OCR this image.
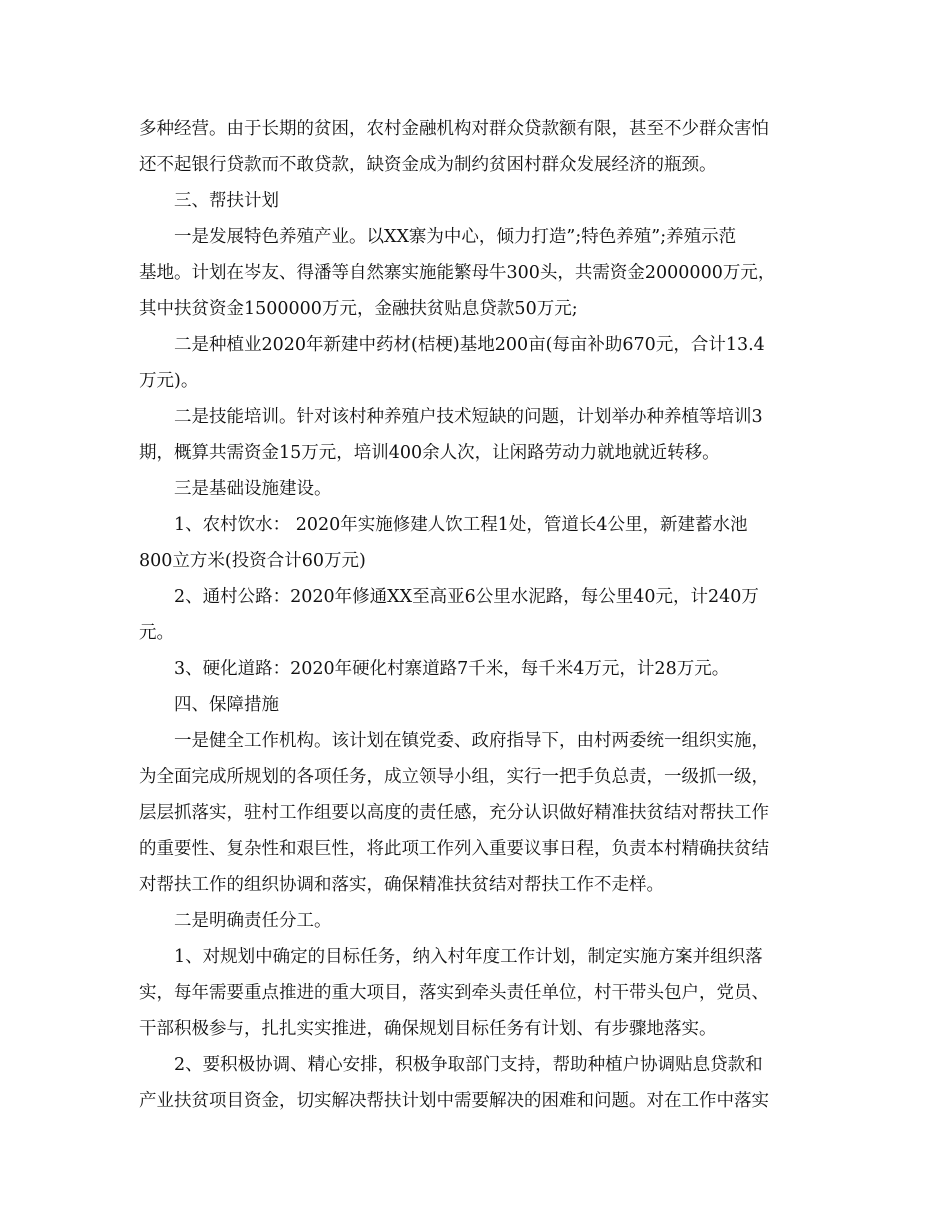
多种经营。由于长期的贫困，农村金融机构对群众贷款额有限，甚至不少群众害怕
还不起银行贷款而不敢贷款，缺资金成为制约贫困村群众发展经济的瓶颈。
三、帮扶计划
一是发展特色养殖产业。以XX寨为中心，倾力打造”;特色养殖”;养殖示范
基地。计划在岑友、得潘等自然寨实施能繁母牛300头，共需资金2000000万元，
其中扶贫资金1500000万元，金融扶贫贴息贷款50万元;
二是种植业2020年新建中药材(桔梗)基地200亩(每亩补助670元，合计13.4
万元)。
二是技能培训。针对该村种养殖户技术短缺的问题，计划举办种养植等培训3
期，概算共需资金15万元，培训400余人次，让闲路劳动力就地就近转移。
三是基础设施建设。
1、农村饮水： 2020年实施修建人饮工程1处，管道长4公里，新建蓄水池
800立方米(投资合计60万元)
2、通村公路：2020年修通XX至高亚6公里水泥路，每公里40元，计240万
元。
3、硬化道路：2020年硬化村寨道路7千米，每千米4万元，计28万元。
四、保障措施
一是健全工作机构。该计划在镇党委、政府指导下，由村两委统一组织实施，
为全面完成所规划的各项任务，成立领导小组，实行一把手负总责，一级抓一级，
层层抓落实，驻村工作组要以高度的责任感，充分认识做好精准扶贫结对帮扶工作
的重要性、复杂性和艰巨性，将此项工作列入重要议事日程，负责本村精确扶贫结
对帮扶工作的组织协调和落实，确保精准扶贫结对帮扶工作不走样。
二是明确责任分工。
1、对规划中确定的目标任务，纳入村年度工作计划，制定实施方案并组织落
实，每年需要重点推进的重大项目，落实到牵头责任单位，村干带头包户，党员、
干部积极参与，扎扎实实推进，确保规划目标任务有计划、有步骤地落实。
2、要积极协调、精心安排，积极争取部门支持，帮助种植户协调贴息贷款和
产业扶贫项目资金，切实解决帮扶计划中需要解决的困难和问题。对在工作中落实
